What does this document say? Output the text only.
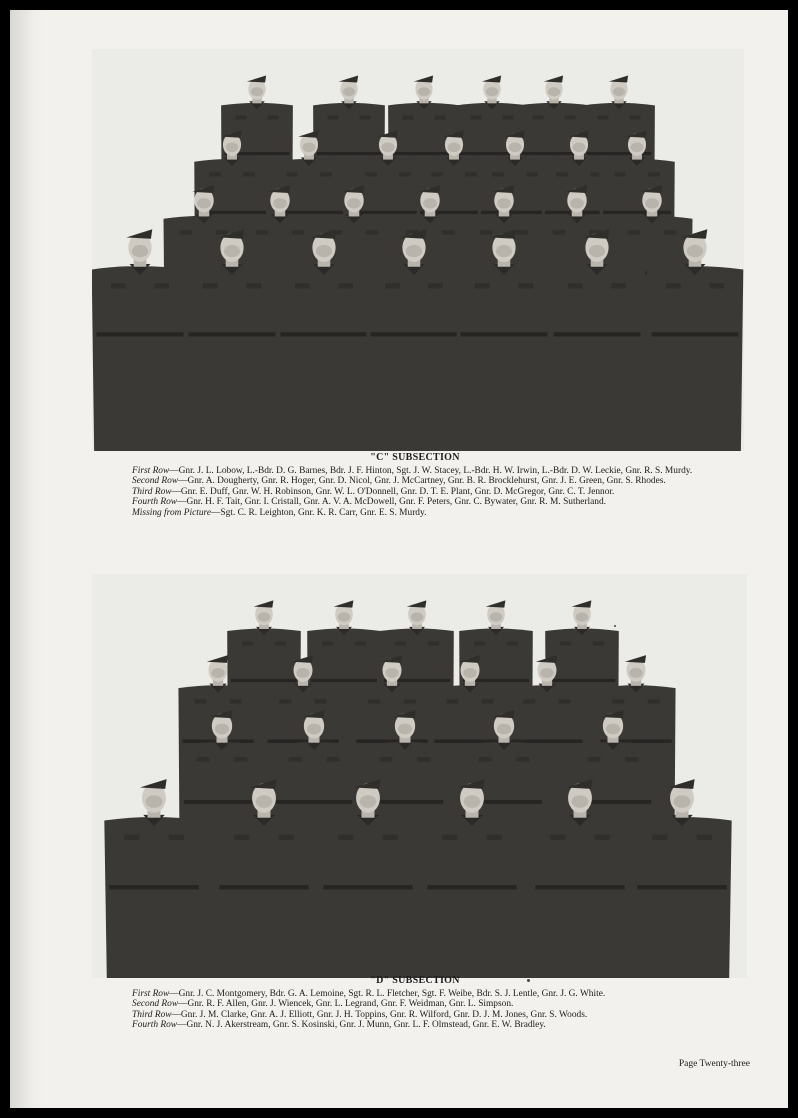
"C" SUBSECTION
First Row—Gnr. J. L. Lobow, L.-Bdr. D. G. Barnes, Bdr. J. F. Hinton, Sgt. J. W. Stacey, L.-Bdr. H. W. Irwin, L.-Bdr. D. W. Leckie, Gnr. R. S. Murdy.
Second Row—Gnr. A. Dougherty, Gnr. R. Hoger, Gnr. D. Nicol, Gnr. J. McCartney, Gnr. B. R. Brocklehurst, Gnr. J. E. Green, Gnr. S. Rhodes.
Third Row—Gnr. E. Duff, Gnr. W. H. Robinson, Gnr. W. L. O'Donnell, Gnr. D. T. E. Plant, Gnr. D. McGregor, Gnr. C. T. Jennor.
Fourth Row—Gnr. H. F. Tait, Gnr. I. Cristall, Gnr. A. V. A. McDowell, Gnr. F. Peters, Gnr. C. Bywater, Gnr. R. M. Sutherland.
Missing from Picture—Sgt. C. R. Leighton, Gnr. K. R. Carr, Gnr. E. S. Murdy.
"D" SUBSECTION
First Row—Gnr. J. C. Montgomery, Bdr. G. A. Lemoine, Sgt. R. L. Fletcher, Sgt. F. Weibe, Bdr. S. J. Lentle, Gnr. J. G. White.
Second Row—Gnr. R. F. Allen, Gnr. J. Wiencek, Gnr. L. Legrand, Gnr. F. Weidman, Gnr. L. Simpson.
Third Row—Gnr. J. M. Clarke, Gnr. A. J. Elliott, Gnr. J. H. Toppins, Gnr. R. Wilford, Gnr. D. J. M. Jones, Gnr. S. Woods.
Fourth Row—Gnr. N. J. Akerstream, Gnr. S. Kosinski, Gnr. J. Munn, Gnr. L. F. Olmstead, Gnr. E. W. Bradley.
Page Twenty-three
